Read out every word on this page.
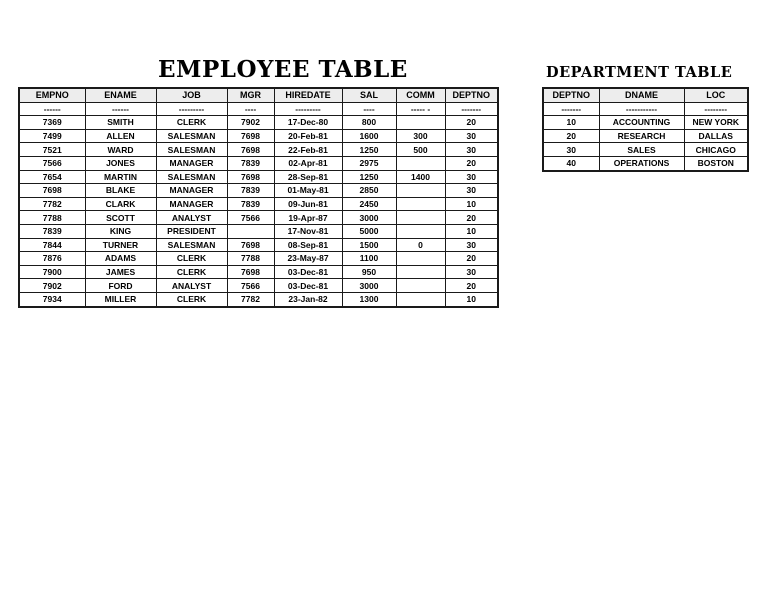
EMPLOYEE TABLE	DEPARTMENT TABLE
EMPNO	ENAME	JOB	MGR	HIREDATE	SAL	COMM	DEPTNO
------	------	---------	----	---------	----	----- -	-------
7369	SMITH	CLERK	7902	17-Dec-80	800		20
7499	ALLEN	SALESMAN	7698	20-Feb-81	1600	300	30
7521	WARD	SALESMAN	7698	22-Feb-81	1250	500	30
7566	JONES	MANAGER	7839	02-Apr-81	2975		20
7654	MARTIN	SALESMAN	7698	28-Sep-81	1250	1400	30
7698	BLAKE	MANAGER	7839	01-May-81	2850		30
7782	CLARK	MANAGER	7839	09-Jun-81	2450		10
7788	SCOTT	ANALYST	7566	19-Apr-87	3000		20
7839	KING	PRESIDENT		17-Nov-81	5000		10
7844	TURNER	SALESMAN	7698	08-Sep-81	1500	0	30
7876	ADAMS	CLERK	7788	23-May-87	1100		20
7900	JAMES	CLERK	7698	03-Dec-81	950		30
7902	FORD	ANALYST	7566	03-Dec-81	3000		20
7934	MILLER	CLERK	7782	23-Jan-82	1300		10
DEPTNO	DNAME	LOC
-------	-----------	--------
10	ACCOUNTING	NEW YORK
20	RESEARCH	DALLAS
30	SALES	CHICAGO
40	OPERATIONS	BOSTON
